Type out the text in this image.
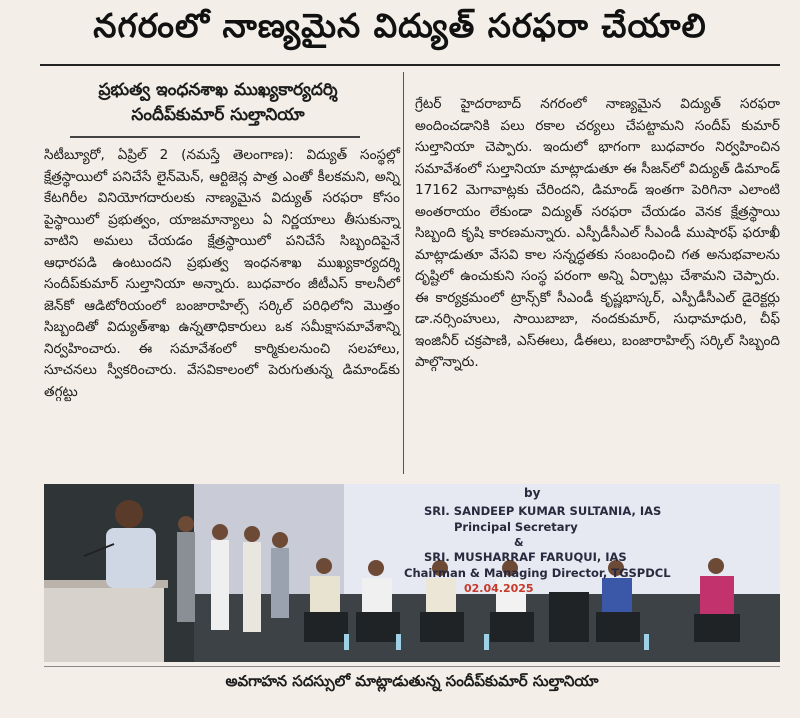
నగరంలో నాణ్యమైన విద్యుత్ సరఫరా చేయాలి
ప్రభుత్వ ఇంధనశాఖ ముఖ్యకార్యదర్శి
సందీప్‌కుమార్ సుల్తానియా
సిటీబ్యూరో, ఏప్రిల్ 2 (నమస్తే తెలంగాణ): విద్యుత్ సంస్థల్లో క్షేత్రస్థాయిలో పనిచేసే లైన్‌మెన్, ఆర్టిజెన్ల పాత్ర ఎంతో కీలకమని, అన్ని కేటగిరీల వినియోగదారులకు నాణ్యమైన విద్యుత్ సరఫరా కోసం పైస్థాయిలో ప్రభుత్వం, యాజమాన్యాలు ఏ నిర్ణయాలు తీసుకున్నా వాటిని అమలు చేయడం క్షేత్రస్థాయిలో పనిచేసే సిబ్బందిపైనే ఆధారపడి ఉంటుందని ప్రభుత్వ ఇంధనశాఖ ముఖ్యకార్యదర్శి సందీప్‌కుమార్ సుల్తానియా అన్నారు. బుధవారం జీటీఎస్ కాలనీలో జెన్‌కో ఆడిటోరియంలో బంజారాహిల్స్ సర్కిల్ పరిధిలోని మొత్తం సిబ్బందితో విద్యుత్‌శాఖ ఉన్నతాధికారులు ఒక సమీక్షాసమావేశాన్ని నిర్వహించారు. ఈ సమావేశంలో కార్మికులనుంచి సలహాలు, సూచనలు స్వీకరించారు. వేసవికాలంలో పెరుగుతున్న డిమాండ్‌కు తగ్గట్టు
గ్రేటర్ హైదరాబాద్ నగరంలో నాణ్యమైన విద్యుత్ సరఫరా అందించడానికి పలు రకాల చర్యలు చేపట్టామని సందీప్ కుమార్ సుల్తానియా చెప్పారు. ఇందులో భాగంగా బుధవారం నిర్వహించిన సమావేశంలో సుల్తానియా మాట్లాడుతూ ఈ సీజన్‌లో విద్యుత్ డిమాండ్ 17162 మెగావాట్లకు చేరిందని, డిమాండ్ ఇంతగా పెరిగినా ఎలాంటి అంతరాయం లేకుండా విద్యుత్ సరఫరా చేయడం వెనక క్షేత్రస్థాయి సిబ్బంది కృషి కారణమన్నారు. ఎస్పీడీసీఎల్ సీఎండీ ముషారఫ్ ఫరూఖీ మాట్లాడుతూ వేసవి కాల సన్నద్ధతకు సంబంధించి గత అనుభవాలను దృష్టిలో ఉంచుకుని సంస్థ పరంగా అన్ని ఏర్పాట్లు చేశామని చెప్పారు. ఈ కార్యక్రమంలో ట్రాన్స్‌కో సీఎండీ కృష్ణభాస్కర్, ఎస్పీడీసీఎల్ డైరెక్టర్లు డా.నర్సింహులు, సాయిబాబా, నందకుమార్, సుధామాధురి, చీఫ్ ఇంజినీర్ చక్రపాణి, ఎస్‌ఈలు, డీఈలు, బంజారాహిల్స్ సర్కిల్ సిబ్బంది పాల్గొన్నారు.
by
SRI. SANDEEP KUMAR SULTANIA, IAS
Principal Secretary
&
SRI. MUSHARRAF FARUQUI, IAS
Chairman & Managing Director, TGSPDCL
02.04.2025
అవగాహన సదస్సులో మాట్లాడుతున్న సందీప్‌కుమార్ సుల్తానియా
